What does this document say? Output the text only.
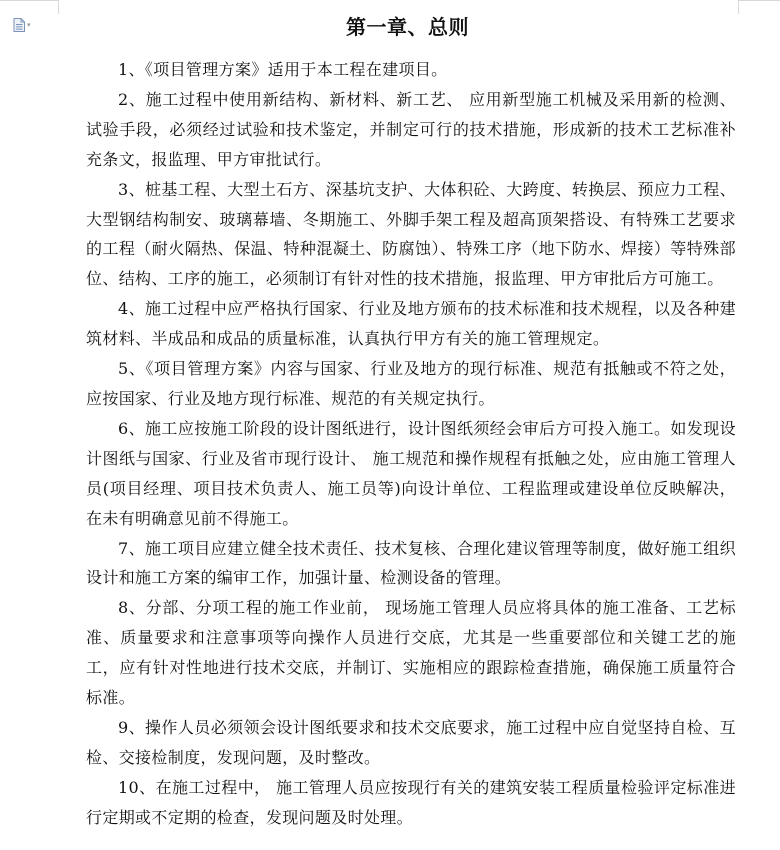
▾	第一章、总则

1、《项目管理方案》适用于本工程在建项目。

2、施工过程中使用新结构、新材料、新工艺、 应用新型施工机械及采用新的检测、试验手段，必须经过试验和技术鉴定，并制定可行的技术措施，形成新的技术工艺标准补充条文，报监理、甲方审批试行。

3、桩基工程、大型土石方、深基坑支护、大体积砼、大跨度、转换层、预应力工程、大型钢结构制安、玻璃幕墙、冬期施工、外脚手架工程及超高顶架搭设、有特殊工艺要求的工程（耐火隔热、保温、特种混凝土、防腐蚀）、特殊工序（地下防水、焊接）等特殊部位、结构、工序的施工，必须制订有针对性的技术措施，报监理、甲方审批后方可施工。

4、施工过程中应严格执行国家、行业及地方颁布的技术标准和技术规程，以及各种建筑材料、半成品和成品的质量标准，认真执行甲方有关的施工管理规定。

5、《项目管理方案》内容与国家、行业及地方的现行标准、规范有抵触或不符之处，应按国家、行业及地方现行标准、规范的有关规定执行。

6、施工应按施工阶段的设计图纸进行，设计图纸须经会审后方可投入施工。如发现设计图纸与国家、行业及省市现行设计、 施工规范和操作规程有抵触之处，应由施工管理人员(项目经理、项目技术负责人、施工员等)向设计单位、工程监理或建设单位反映解决，在未有明确意见前不得施工。

7、施工项目应建立健全技术责任、技术复核、合理化建议管理等制度，做好施工组织设计和施工方案的编审工作，加强计量、检测设备的管理。

8、分部、分项工程的施工作业前， 现场施工管理人员应将具体的施工准备、工艺标准、质量要求和注意事项等向操作人员进行交底，尤其是一些重要部位和关键工艺的施工，应有针对性地进行技术交底，并制订、实施相应的跟踪检查措施，确保施工质量符合标准。

9、操作人员必须领会设计图纸要求和技术交底要求，施工过程中应自觉坚持自检、互检、交接检制度，发现问题，及时整改。

10、在施工过程中， 施工管理人员应按现行有关的建筑安装工程质量检验评定标准进行定期或不定期的检查，发现问题及时处理。
